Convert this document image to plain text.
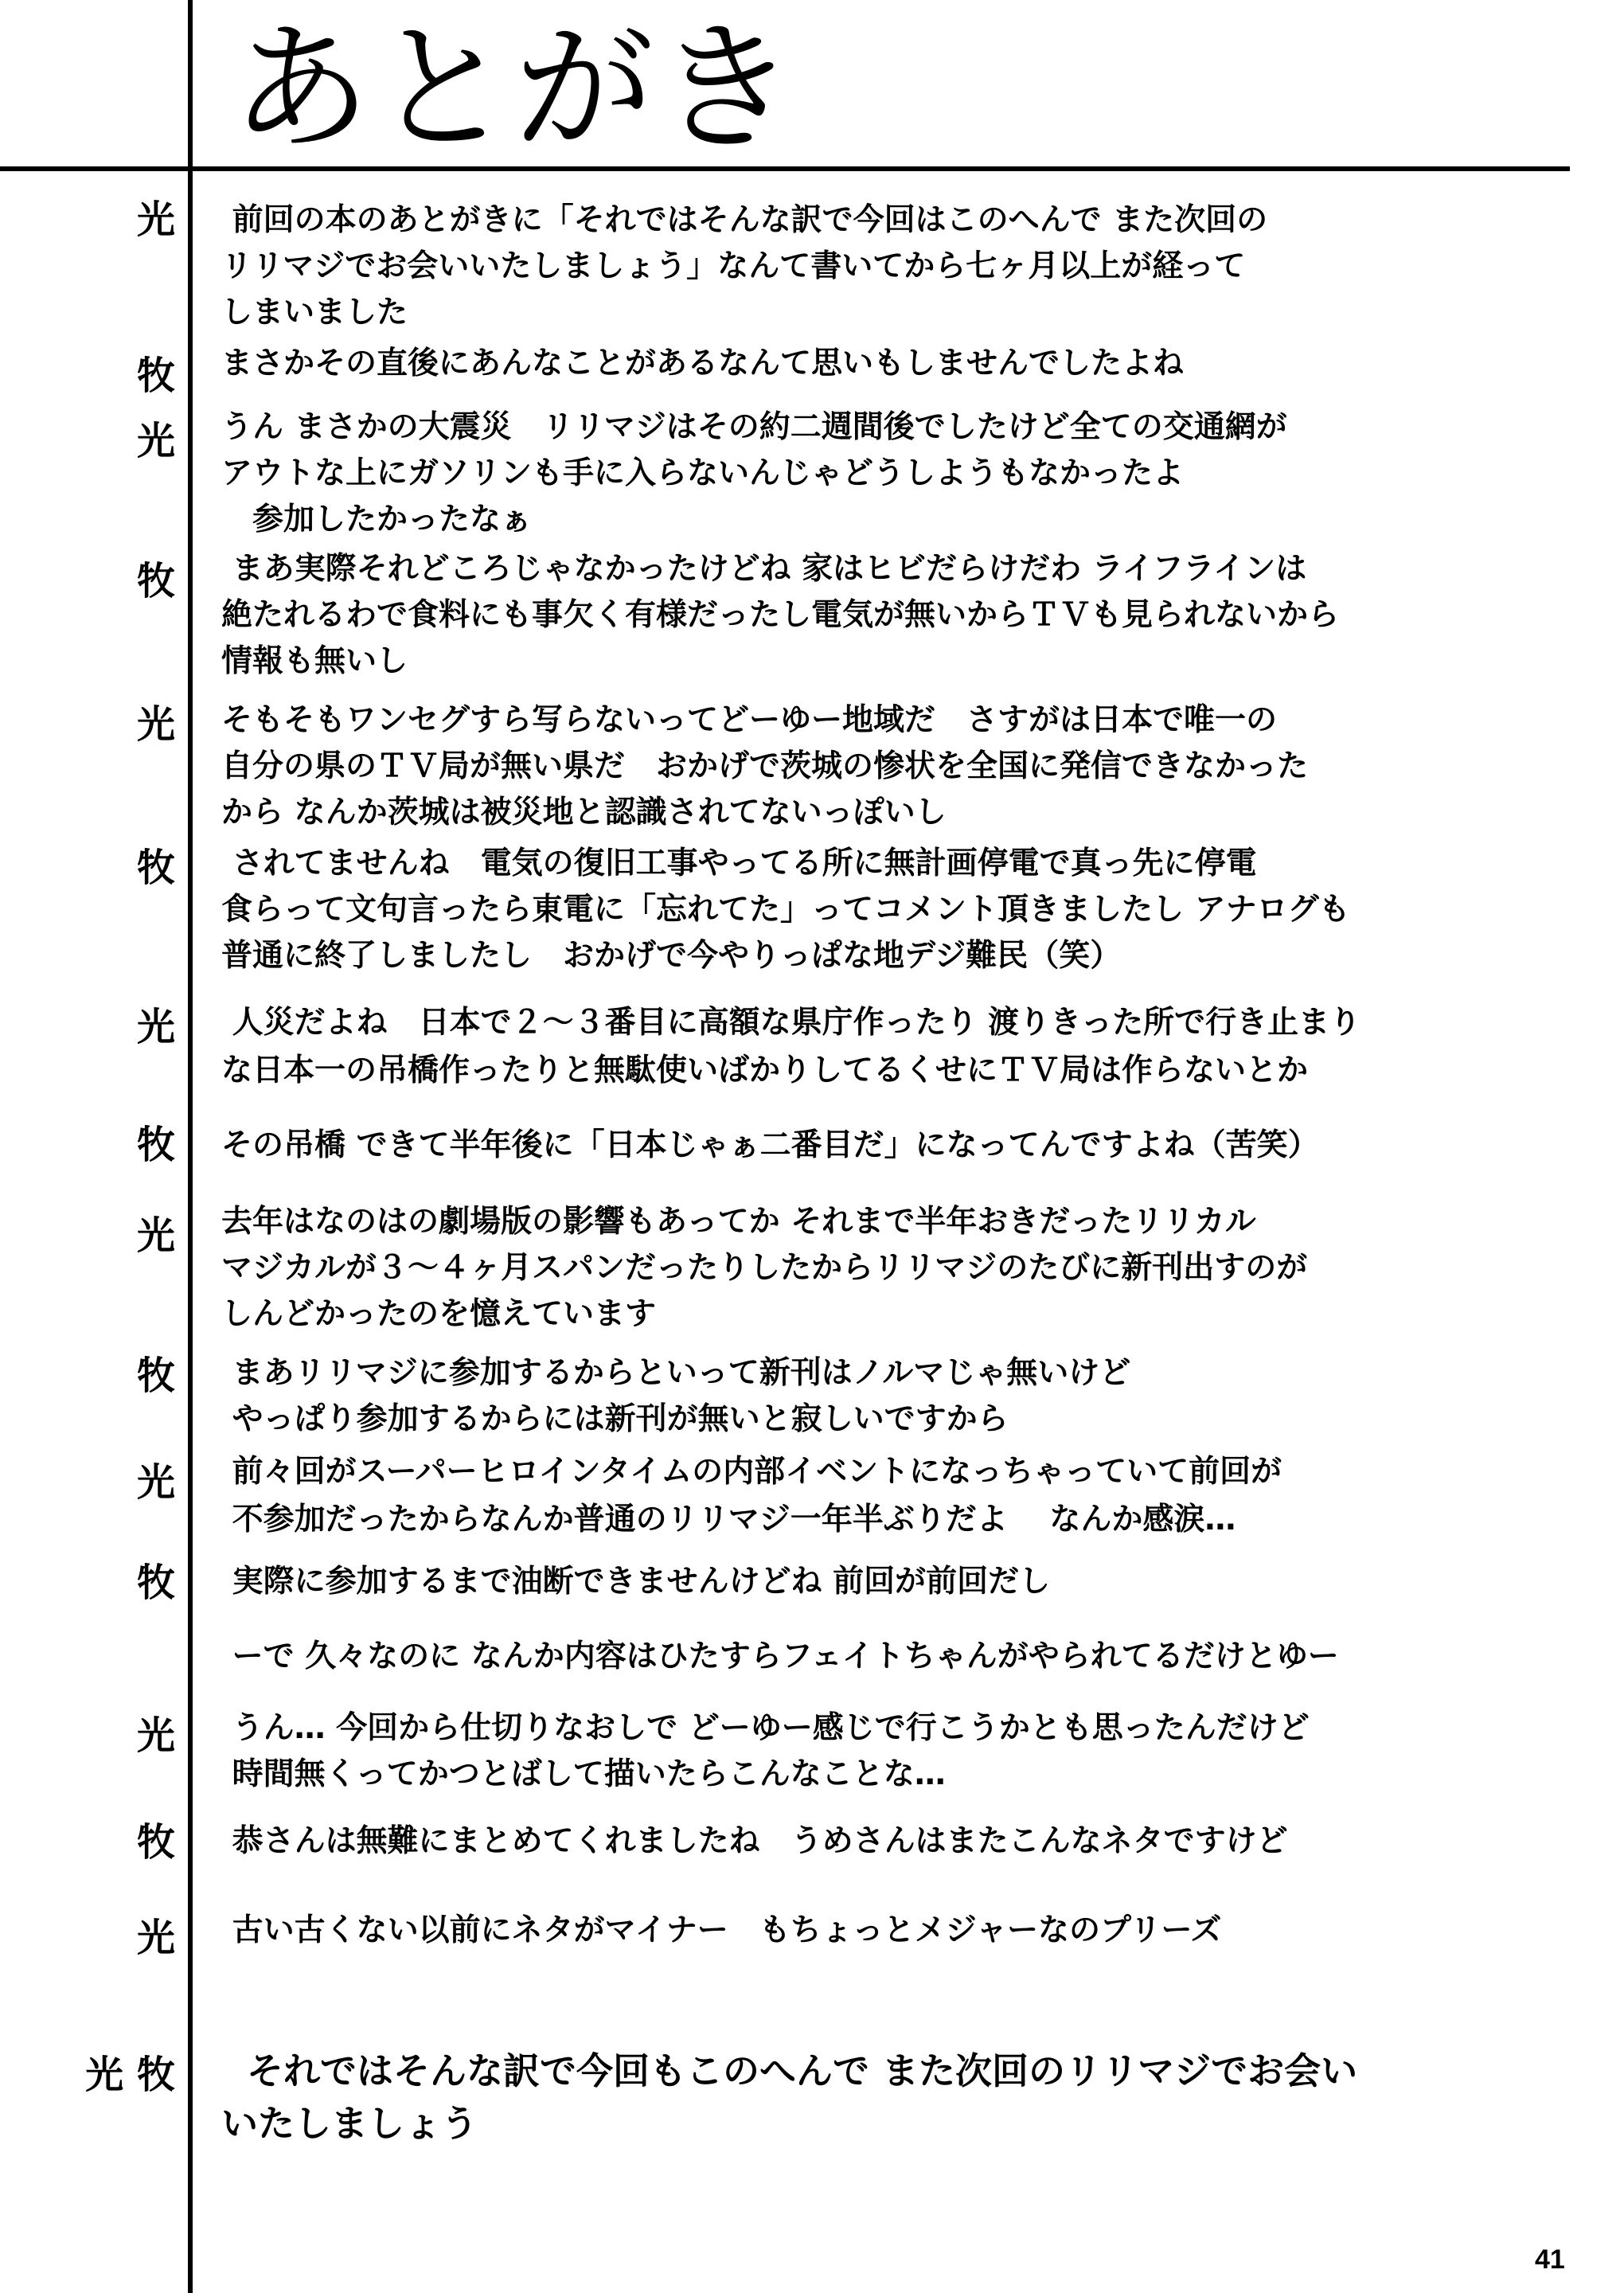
あとがき
光
牧
光
牧
光
牧
光
牧
光
牧
光
牧
光
牧
光
光 牧
前回の本のあとがきに「それではそんな訳で今回はこのへんで また次回の
リリマジでお会いいたしましょう」なんて書いてから七ヶ月以上が経って
しまいました
まさかその直後にあんなことがあるなんて思いもしませんでしたよね
うん まさかの大震災　リリマジはその約二週間後でしたけど全ての交通網が
アウトな上にガソリンも手に入らないんじゃどうしようもなかったよ
　参加したかったなぁ
まあ実際それどころじゃなかったけどね 家はヒビだらけだわ ライフラインは
絶たれるわで食料にも事欠く有様だったし電気が無いからＴＶも見られないから
情報も無いし
そもそもワンセグすら写らないってどーゆー地域だ　さすがは日本で唯一の
自分の県のＴＶ局が無い県だ　おかげで茨城の惨状を全国に発信できなかった
から なんか茨城は被災地と認識されてないっぽいし
されてませんね　電気の復旧工事やってる所に無計画停電で真っ先に停電
食らって文句言ったら東電に「忘れてた」ってコメント頂きましたし アナログも
普通に終了しましたし　おかげで今やりっぱな地デジ難民（笑）
人災だよね　日本で２～３番目に高額な県庁作ったり 渡りきった所で行き止まり
な日本一の吊橋作ったりと無駄使いばかりしてるくせにＴＶ局は作らないとか
その吊橋 できて半年後に「日本じゃぁ二番目だ」になってんですよね（苦笑）
去年はなのはの劇場版の影響もあってか それまで半年おきだったリリカル
マジカルが３～４ヶ月スパンだったりしたからリリマジのたびに新刊出すのが
しんどかったのを憶えています
まあリリマジに参加するからといって新刊はノルマじゃ無いけど
やっぱり参加するからには新刊が無いと寂しいですから
前々回がスーパーヒロインタイムの内部イベントになっちゃっていて前回が
不参加だったからなんか普通のリリマジ一年半ぶりだよ　 なんか感涙…
実際に参加するまで油断できませんけどね 前回が前回だし
ーで 久々なのに なんか内容はひたすらフェイトちゃんがやられてるだけとゆー
うん… 今回から仕切りなおしで どーゆー感じで行こうかとも思ったんだけど
時間無くってかつとばして描いたらこんなことな…
恭さんは無難にまとめてくれましたね　うめさんはまたこんなネタですけど
古い古くない以前にネタがマイナー　もちょっとメジャーなのプリーズ
それではそんな訳で今回もこのへんで また次回のリリマジでお会い
いたしましょう
41
